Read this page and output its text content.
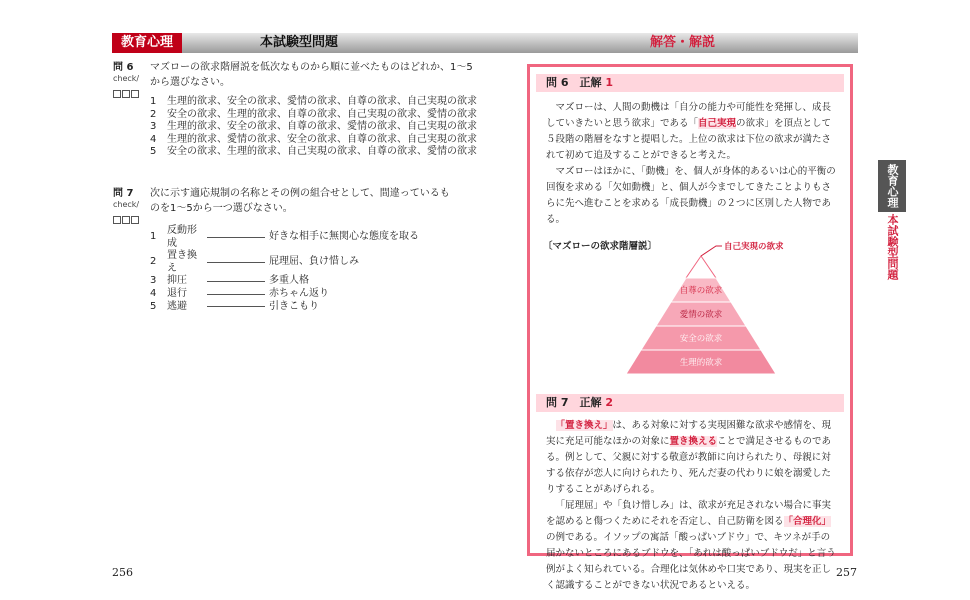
教育心理	本試験型問題	解答・解説
問 6
check/
マズローの欲求階層説を低次なものから順に並べたものはどれか、1〜5から選びなさい。
1	生理的欲求、安全の欲求、愛情の欲求、自尊の欲求、自己実現の欲求
2	安全の欲求、生理的欲求、自尊の欲求、自己実現の欲求、愛情の欲求
3	生理的欲求、安全の欲求、自尊の欲求、愛情の欲求、自己実現の欲求
4	生理的欲求、愛情の欲求、安全の欲求、自尊の欲求、自己実現の欲求
5	安全の欲求、生理的欲求、自己実現の欲求、自尊の欲求、愛情の欲求
問 7
check/
次に示す適応規制の名称とその例の組合せとして、間違っているものを1〜5から一つ選びなさい。
1
反動形成
好きな相手に無関心な態度を取る
2
置き換え
屁理屈、負け惜しみ
3	抑圧	多重人格
4	退行	赤ちゃん返り
5	逃避	引きこもり
256
問 6　正解 1
マズローは、人間の動機は「自分の能力や可能性を発揮し、成長していきたいと思う欲求」である「自己実現の欲求」を頂点として５段階の階層をなすと提唱した。上位の欲求は下位の欲求が満たされて初めて追及することができると考えた。
マズローはほかに、「動機」を、個人が身体的あるいは心的平衡の回復を求める「欠如動機」と、個人が今までしてきたことよりもさらに先へ進むことを求める「成長動機」の２つに区別した人物である。
〔マズローの欲求階層説〕	自己実現の欲求
自尊の欲求
愛情の欲求
安全の欲求
生理的欲求
問 7　正解 2
「置き換え」は、ある対象に対する実現困難な欲求や感情を、現実に充足可能なほかの対象に置き換えることで満足させるものである。例として、父親に対する敬意が教師に向けられたり、母親に対する依存が恋人に向けられたり、死んだ妻の代わりに娘を溺愛したりすることがあげられる。
「屁理屈」や「負け惜しみ」は、欲求が充足されない場合に事実を認めると傷つくためにそれを否定し、自己防衛を図る「合理化」の例である。イソップの寓話「酸っぱいブドウ」で、キツネが手の届かないところにあるブドウを、「あれは酸っぱいブドウだ」と言う例がよく知られている。合理化は気休めや口実であり、現実を正しく認識することができない状況であるといえる。
教育心理
本試験型問題
257
